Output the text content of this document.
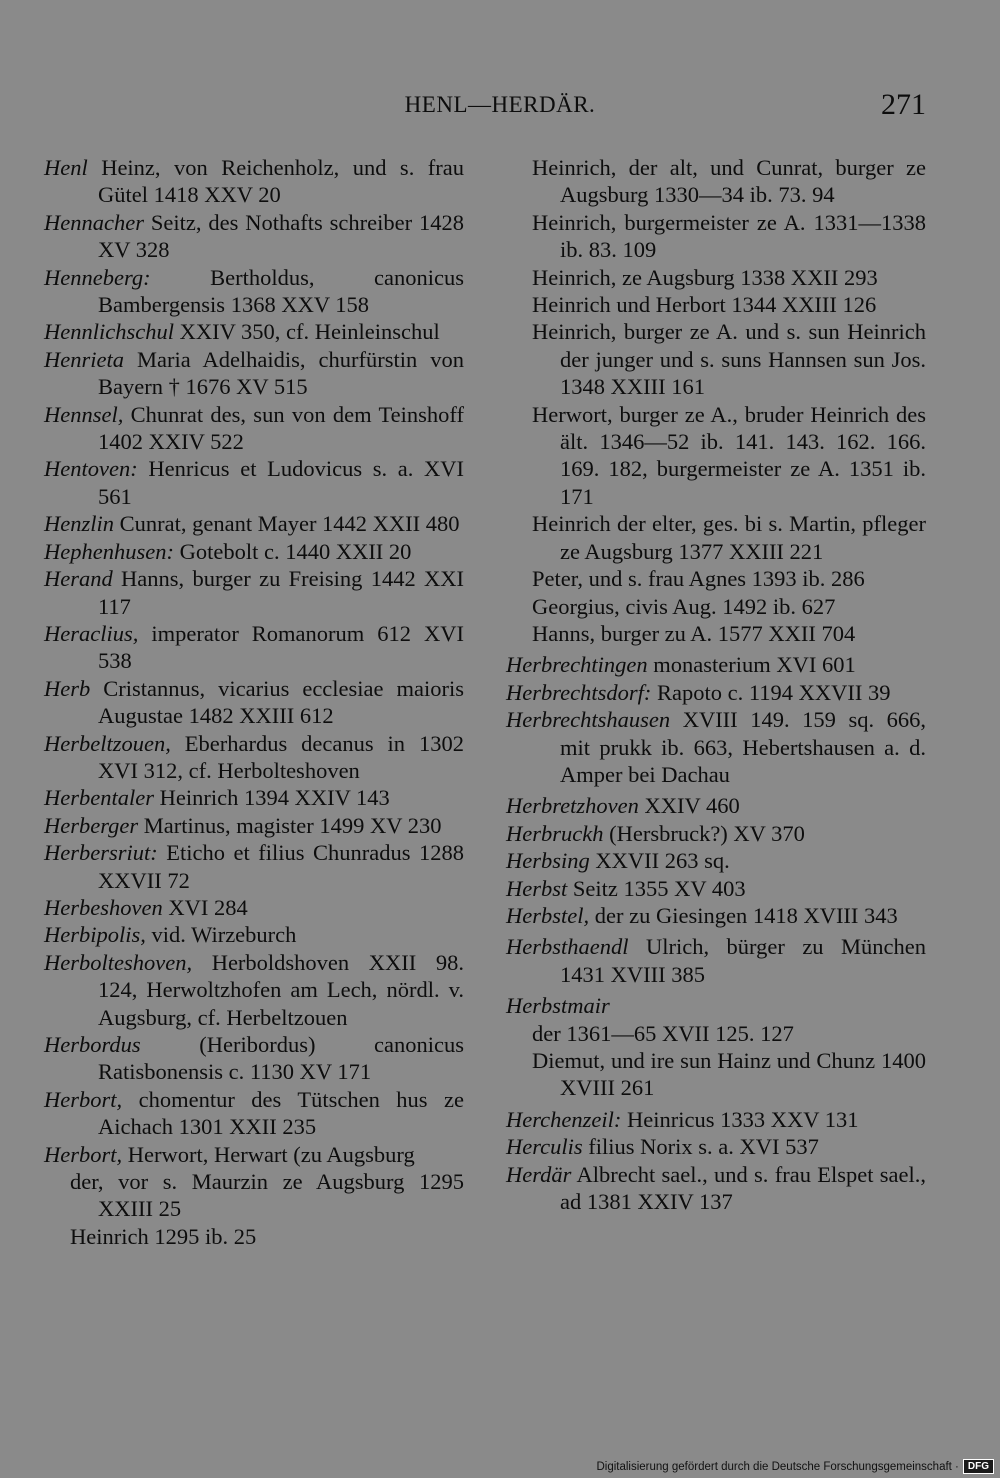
HENL—HERDÄR.	271
Henl Heinz, von Reichenholz, und s. frau Gütel 1418 XXV 20
Hennacher Seitz, des Nothafts schreiber 1428 XV 328
Henneberg: Bertholdus, canonicus Bambergensis 1368 XXV 158
Hennlichschul XXIV 350, cf. Heinleinschul
Henrieta Maria Adelhaidis, churfürstin von Bayern † 1676 XV 515
Hennsel, Chunrat des, sun von dem Teinshoff 1402 XXIV 522
Hentoven: Henricus et Ludovicus s. a. XVI 561
Henzlin Cunrat, genant Mayer 1442 XXII 480
Hephenhusen: Gotebolt c. 1440 XXII 20
Herand Hanns, burger zu Freising 1442 XXI 117
Heraclius, imperator Romanorum 612 XVI 538
Herb Cristannus, vicarius ecclesiae maioris Augustae 1482 XXIII 612
Herbeltzouen, Eberhardus decanus in 1302 XVI 312, cf. Herbolteshoven
Herbentaler Heinrich 1394 XXIV 143
Herberger Martinus, magister 1499 XV 230
Herbersriut: Eticho et filius Chunradus 1288 XXVII 72
Herbeshoven XVI 284
Herbipolis, vid. Wirzeburch
Herbolteshoven, Herboldshoven XXII 98. 124, Herwoltzhofen am Lech, nördl. v. Augsburg, cf. Herbeltzouen
Herbordus (Heribordus) canonicus Ratisbonensis c. 1130 XV 171
Herbort, chomentur des Tütschen hus ze Aichach 1301 XXII 235
Herbort, Herwort, Herwart (zu Augsburg
der, vor s. Maurzin ze Augsburg 1295 XXIII 25
Heinrich 1295 ib. 25
Heinrich, der alt, und Cunrat, burger ze Augsburg 1330—34 ib. 73. 94
Heinrich, burgermeister ze A. 1331—1338 ib. 83. 109
Heinrich, ze Augsburg 1338 XXII 293
Heinrich und Herbort 1344 XXIII 126
Heinrich, burger ze A. und s. sun Heinrich der junger und s. suns Hannsen sun Jos. 1348 XXIII 161
Herwort, burger ze A., bruder Heinrich des ält. 1346—52 ib. 141. 143. 162. 166. 169. 182, burgermeister ze A. 1351 ib. 171
Heinrich der elter, ges. bi s. Martin, pfleger ze Augsburg 1377 XXIII 221
Peter, und s. frau Agnes 1393 ib. 286
Georgius, civis Aug. 1492 ib. 627
Hanns, burger zu A. 1577 XXII 704
Herbrechtingen monasterium XVI 601
Herbrechtsdorf: Rapoto c. 1194 XXVII 39
Herbrechtshausen XVIII 149. 159 sq. 666, mit prukk ib. 663, Hebertshausen a. d. Amper bei Dachau
Herbretzhoven XXIV 460
Herbruckh (Hersbruck?) XV 370
Herbsing XXVII 263 sq.
Herbst Seitz 1355 XV 403
Herbstel, der zu Giesingen 1418 XVIII 343
Herbsthaendl Ulrich, bürger zu München 1431 XVIII 385
Herbstmair
der 1361—65 XVII 125. 127
Diemut, und ire sun Hainz und Chunz 1400 XVIII 261
Herchenzeil: Heinricus 1333 XXV 131
Herculis filius Norix s. a. XVI 537
Herdär Albrecht sael., und s. frau Elspet sael., ad 1381 XXIV 137
Digitalisierung gefördert durch die Deutsche Forschungsgemeinschaft · DFG
